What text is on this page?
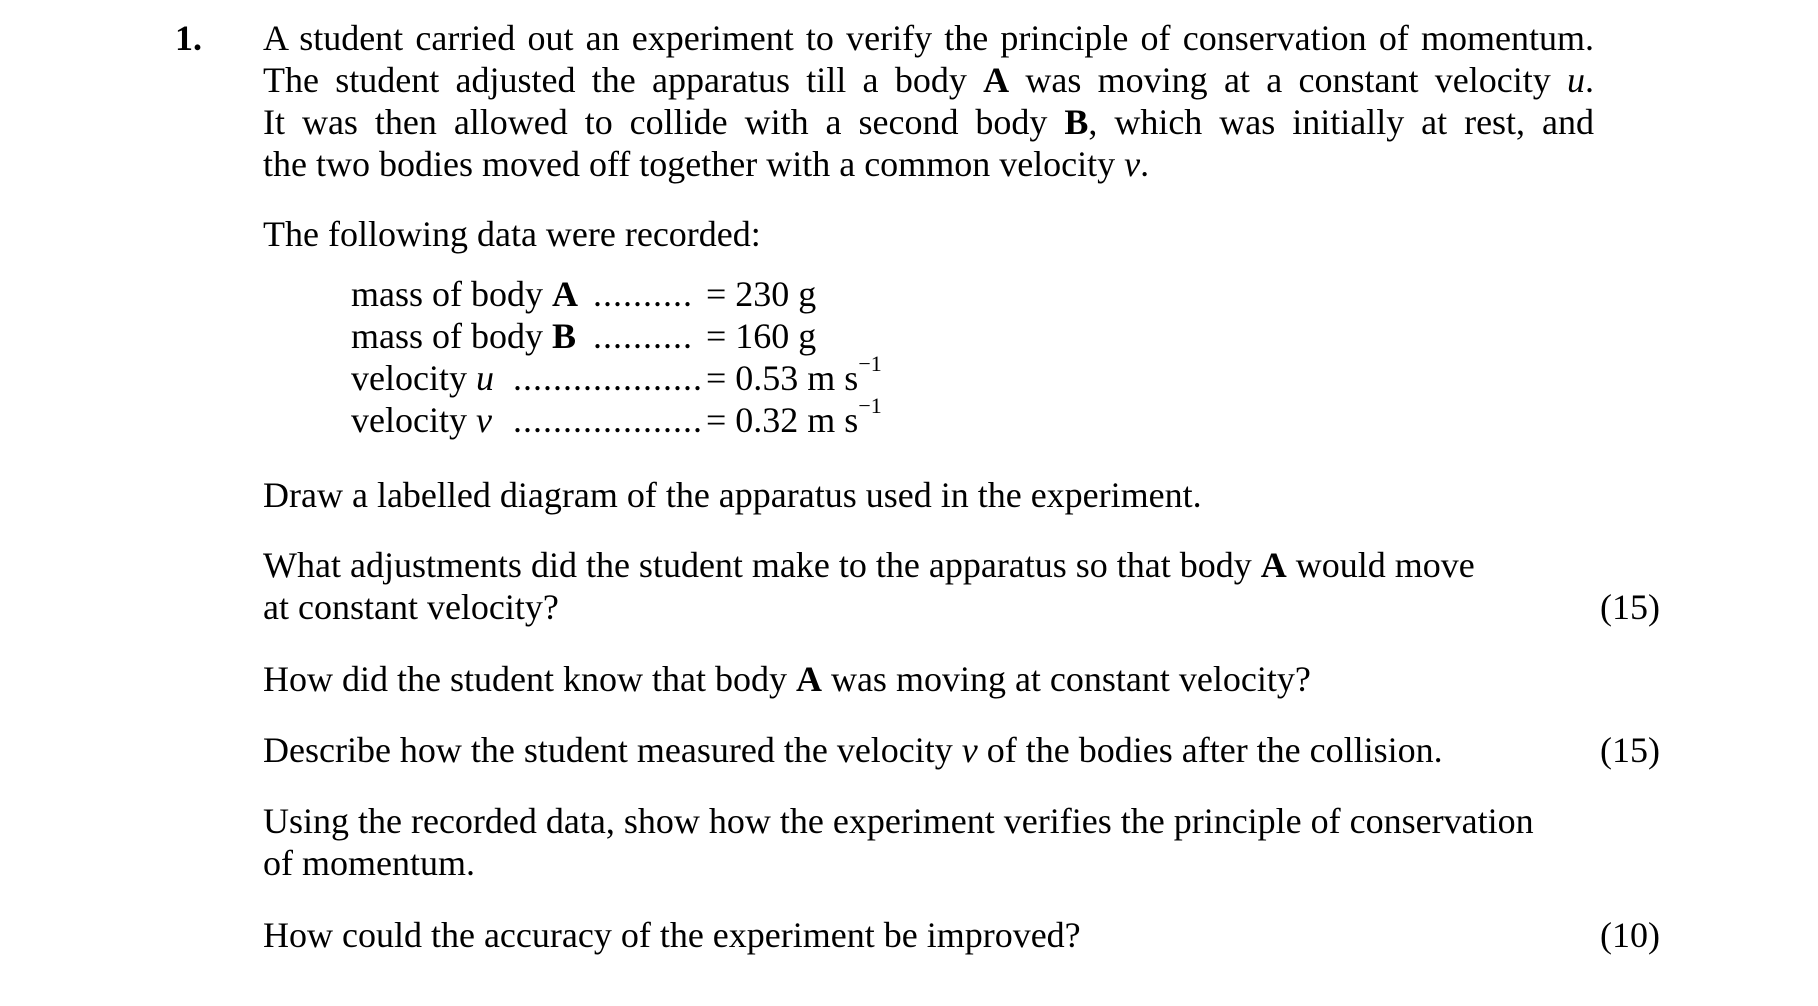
1. A student carried out an experiment to verify the principle of conservation of momentum.
The student adjusted the apparatus till a body A was moving at a constant velocity u.
It was then allowed to collide with a second body B, which was initially at rest, and
the two bodies moved off together with a common velocity v.

The following data were recorded:

mass of body A .......... = 230 g
mass of body B .......... = 160 g
velocity u ................... = 0.53 m $s^{-1}$
velocity v ................... = 0.32 m $s^{-1}$

Draw a labelled diagram of the apparatus used in the experiment.

What adjustments did the student make to the apparatus so that body A would move
at constant velocity?	(15)

How did the student know that body A was moving at constant velocity?

Describe how the student measured the velocity v of the bodies after the collision.	(15)
Using the recorded data, show how the experiment verifies the principle of conservation
of momentum.

How could the accuracy of the experiment be improved?	(10)
